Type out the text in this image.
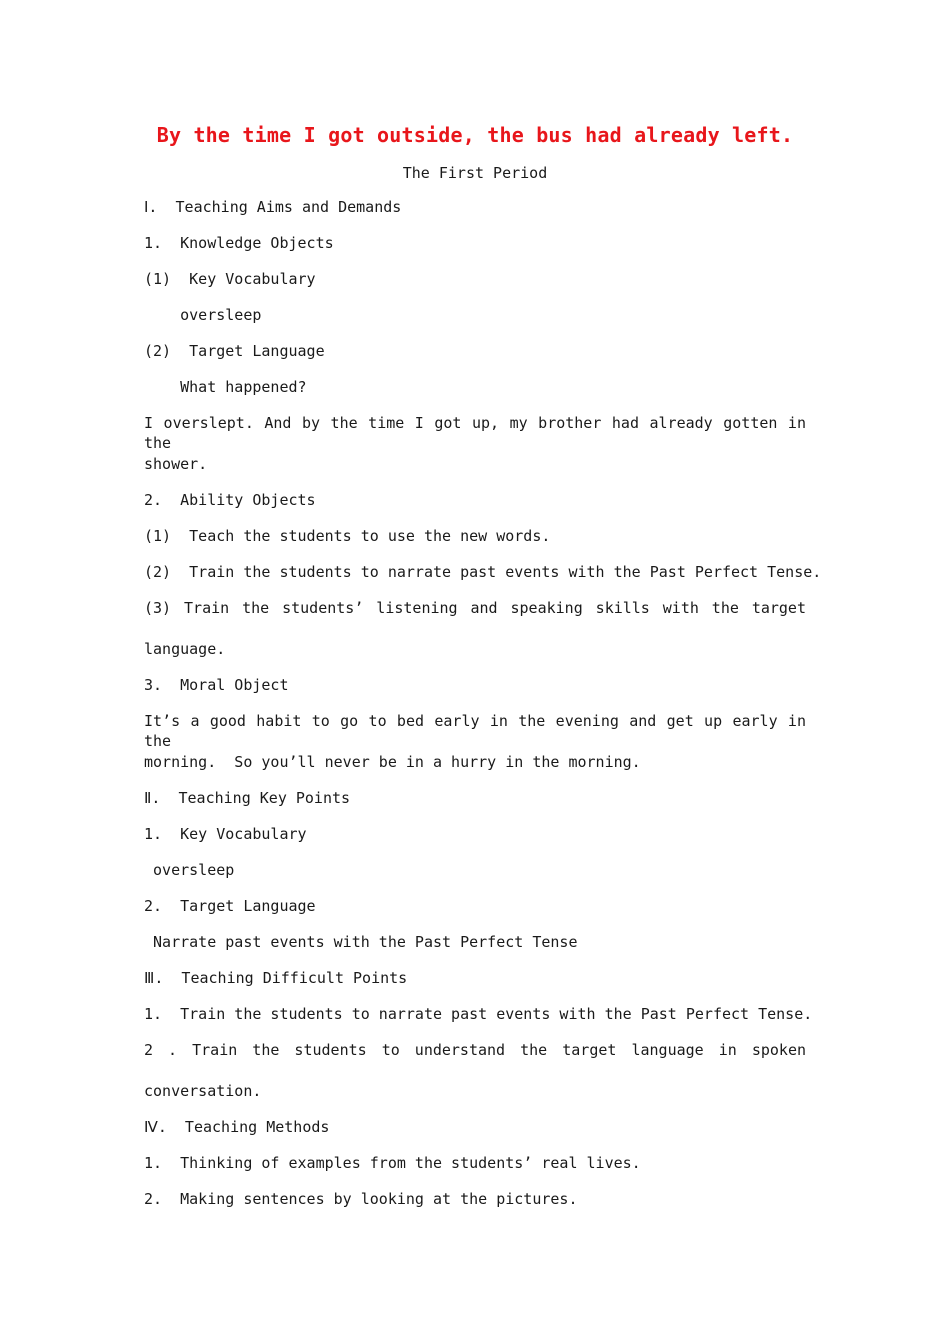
By the time I got outside, the bus had already left.
The First Period
Ⅰ.  Teaching Aims and Demands
1.  Knowledge Objects
(1)  Key Vocabulary
oversleep
(2)  Target Language
What happened?
I overslept. And by the time I got up, my brother had already gotten in the
shower.
2.  Ability Objects
(1)  Teach the students to use the new words.
(2)  Train the students to narrate past events with the Past Perfect Tense.
(3) Train the students’ listening and speaking skills with the target
language.
3.  Moral Object
It’s a good habit to go to bed early in the evening and get up early in the
morning.  So you’ll never be in a hurry in the morning.
Ⅱ.  Teaching Key Points
1.  Key Vocabulary
oversleep
2.  Target Language
Narrate past events with the Past Perfect Tense
Ⅲ.  Teaching Difficult Points
1.  Train the students to narrate past events with the Past Perfect Tense.
2 . Train the students to understand the target language in spoken
conversation.
Ⅳ.  Teaching Methods
1.  Thinking of examples from the students’ real lives.
2.  Making sentences by looking at the pictures.
